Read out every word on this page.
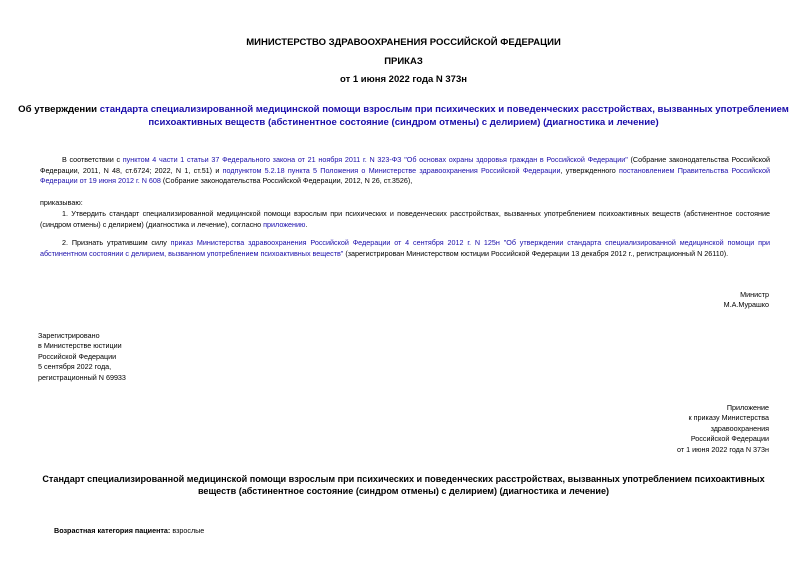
МИНИСТЕРСТВО ЗДРАВООХРАНЕНИЯ РОССИЙСКОЙ ФЕДЕРАЦИИ
ПРИКАЗ
от 1 июня 2022 года N 373н
Об утверждении стандарта специализированной медицинской помощи взрослым при психических и поведенческих расстройствах, вызванных употреблением
психоактивных веществ (абстинентное состояние (синдром отмены) с делирием) (диагностика и лечение)
В соответствии с пунктом 4 части 1 статьи 37 Федерального закона от 21 ноября 2011 г. N 323-ФЗ "Об основах охраны здоровья граждан в Российской Федерации" (Собрание законодательства Российской Федерации, 2011, N 48, ст.6724; 2022, N 1, ст.51) и подпунктом 5.2.18 пункта 5 Положения о Министерстве здравоохранения Российской Федерации, утвержденного постановлением Правительства Российской Федерации от 19 июня 2012 г. N 608 (Собрание законодательства Российской Федерации, 2012, N 26, ст.3526),
приказываю:
1. Утвердить стандарт специализированной медицинской помощи взрослым при психических и поведенческих расстройствах, вызванных употреблением психоактивных веществ (абстинентное состояние (синдром отмены) с делирием) (диагностика и лечение), согласно приложению.
2. Признать утратившим силу приказ Министерства здравоохранения Российской Федерации от 4 сентября 2012 г. N 125н "Об утверждении стандарта специализированной медицинской помощи при абстинентном состоянии с делирием, вызванном употреблением психоактивных веществ" (зарегистрирован Министерством юстиции Российской Федерации 13 декабря 2012 г., регистрационный N 26110).
Министр
М.А.Мурашко
Зарегистрировано
в Министерстве юстиции
Российской Федерации
5 сентября 2022 года,
регистрационный N 69933
Приложение
к приказу Министерства
здравоохранения
Российской Федерации
от 1 июня 2022 года N 373н
Стандарт специализированной медицинской помощи взрослым при психических и поведенческих расстройствах, вызванных употреблением психоактивных
веществ (абстинентное состояние (синдром отмены) с делирием) (диагностика и лечение)
Возрастная категория пациента: взрослые
